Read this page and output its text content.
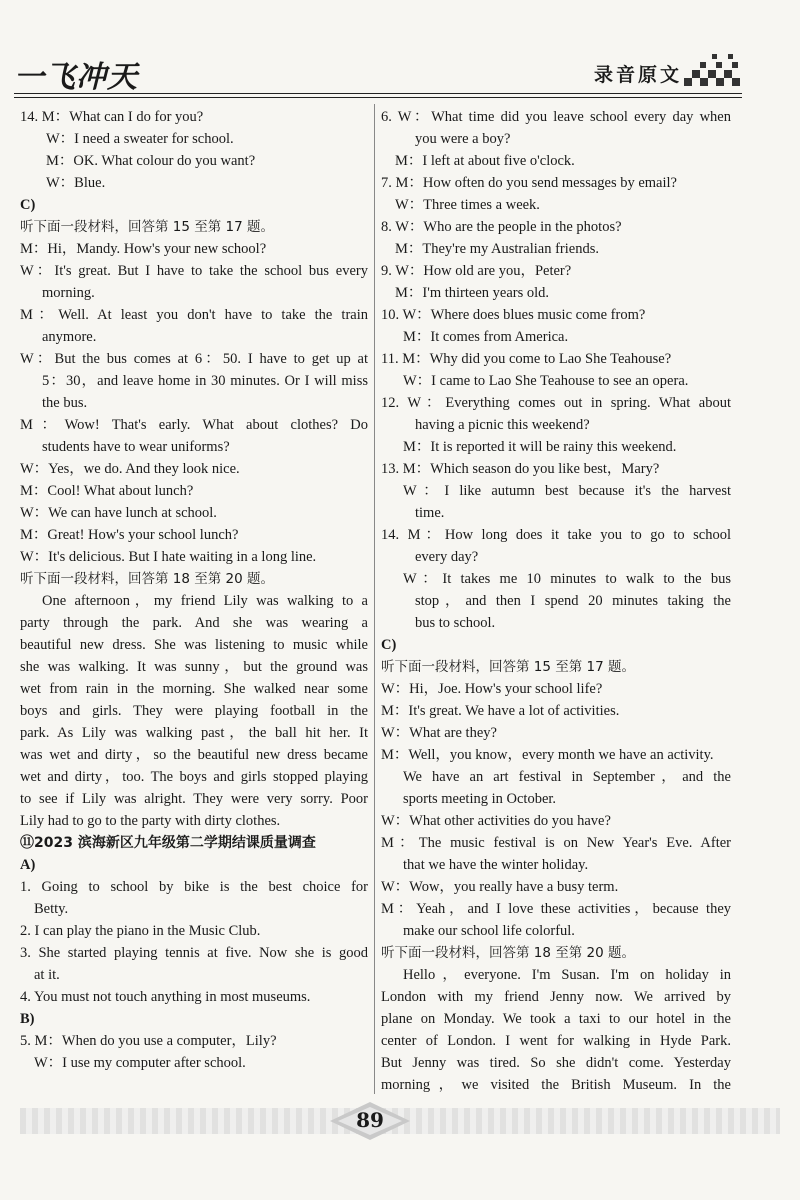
一飞冲天	录音原文
14. M：What can I do for you?
W：I need a sweater for school.
M：OK. What colour do you want?
W：Blue.
C)
听下面一段材料，回答第 15 至第 17 题。
M：Hi，Mandy. How's your new school?
W：It's great. But I have to take the school bus every
morning.
M：Well. At least you don't have to take the train
anymore.
W：But the bus comes at 6：50. I have to get up at
5：30，and leave home in 30 minutes. Or I will miss
the bus.
M：Wow! That's early. What about clothes? Do
students have to wear uniforms?
W：Yes，we do. And they look nice.
M：Cool! What about lunch?
W：We can have lunch at school.
M：Great! How's your school lunch?
W：It's delicious. But I hate waiting in a long line.
听下面一段材料，回答第 18 至第 20 题。
One afternoon，my friend Lily was walking to a
party through the park. And she was wearing a
beautiful new dress. She was listening to music while
she was walking. It was sunny，but the ground was
wet from rain in the morning. She walked near some
boys and girls. They were playing football in the
park. As Lily was walking past，the ball hit her. It
was wet and dirty，so the beautiful new dress became
wet and dirty，too. The boys and girls stopped playing
to see if Lily was alright. They were very sorry. Poor
Lily had to go to the party with dirty clothes.
⑪2023 滨海新区九年级第二学期结课质量调查
A)
1. Going to school by bike is the best choice for
Betty.
2. I can play the piano in the Music Club.
3. She started playing tennis at five. Now she is good
at it.
4. You must not touch anything in most museums.
B)
5. M：When do you use a computer，Lily?
W：I use my computer after school.
6. W：What time did you leave school every day when
you were a boy?
M：I left at about five o'clock.
7. M：How often do you send messages by email?
W：Three times a week.
8. W：Who are the people in the photos?
M：They're my Australian friends.
9. W：How old are you，Peter?
M：I'm thirteen years old.
10. W：Where does blues music come from?
M：It comes from America.
11. M：Why did you come to Lao She Teahouse?
W：I came to Lao She Teahouse to see an opera.
12. W：Everything comes out in spring. What about
having a picnic this weekend?
M：It is reported it will be rainy this weekend.
13. M：Which season do you like best，Mary?
W：I like autumn best because it's the harvest
time.
14. M：How long does it take you to go to school
every day?
W：It takes me 10 minutes to walk to the bus
stop，and then I spend 20 minutes taking the
bus to school.
C)
听下面一段材料，回答第 15 至第 17 题。
W：Hi，Joe. How's your school life?
M：It's great. We have a lot of activities.
W：What are they?
M：Well，you know，every month we have an activity.
We have an art festival in September，and the
sports meeting in October.
W：What other activities do you have?
M：The music festival is on New Year's Eve. After
that we have the winter holiday.
W：Wow，you really have a busy term.
M：Yeah，and I love these activities，because they
make our school life colorful.
听下面一段材料，回答第 18 至第 20 题。
Hello，everyone. I'm Susan. I'm on holiday in
London with my friend Jenny now. We arrived by
plane on Monday. We took a taxi to our hotel in the
center of London. I went for walking in Hyde Park.
But Jenny was tired. So she didn't come. Yesterday
morning，we visited the British Museum. In the
89
